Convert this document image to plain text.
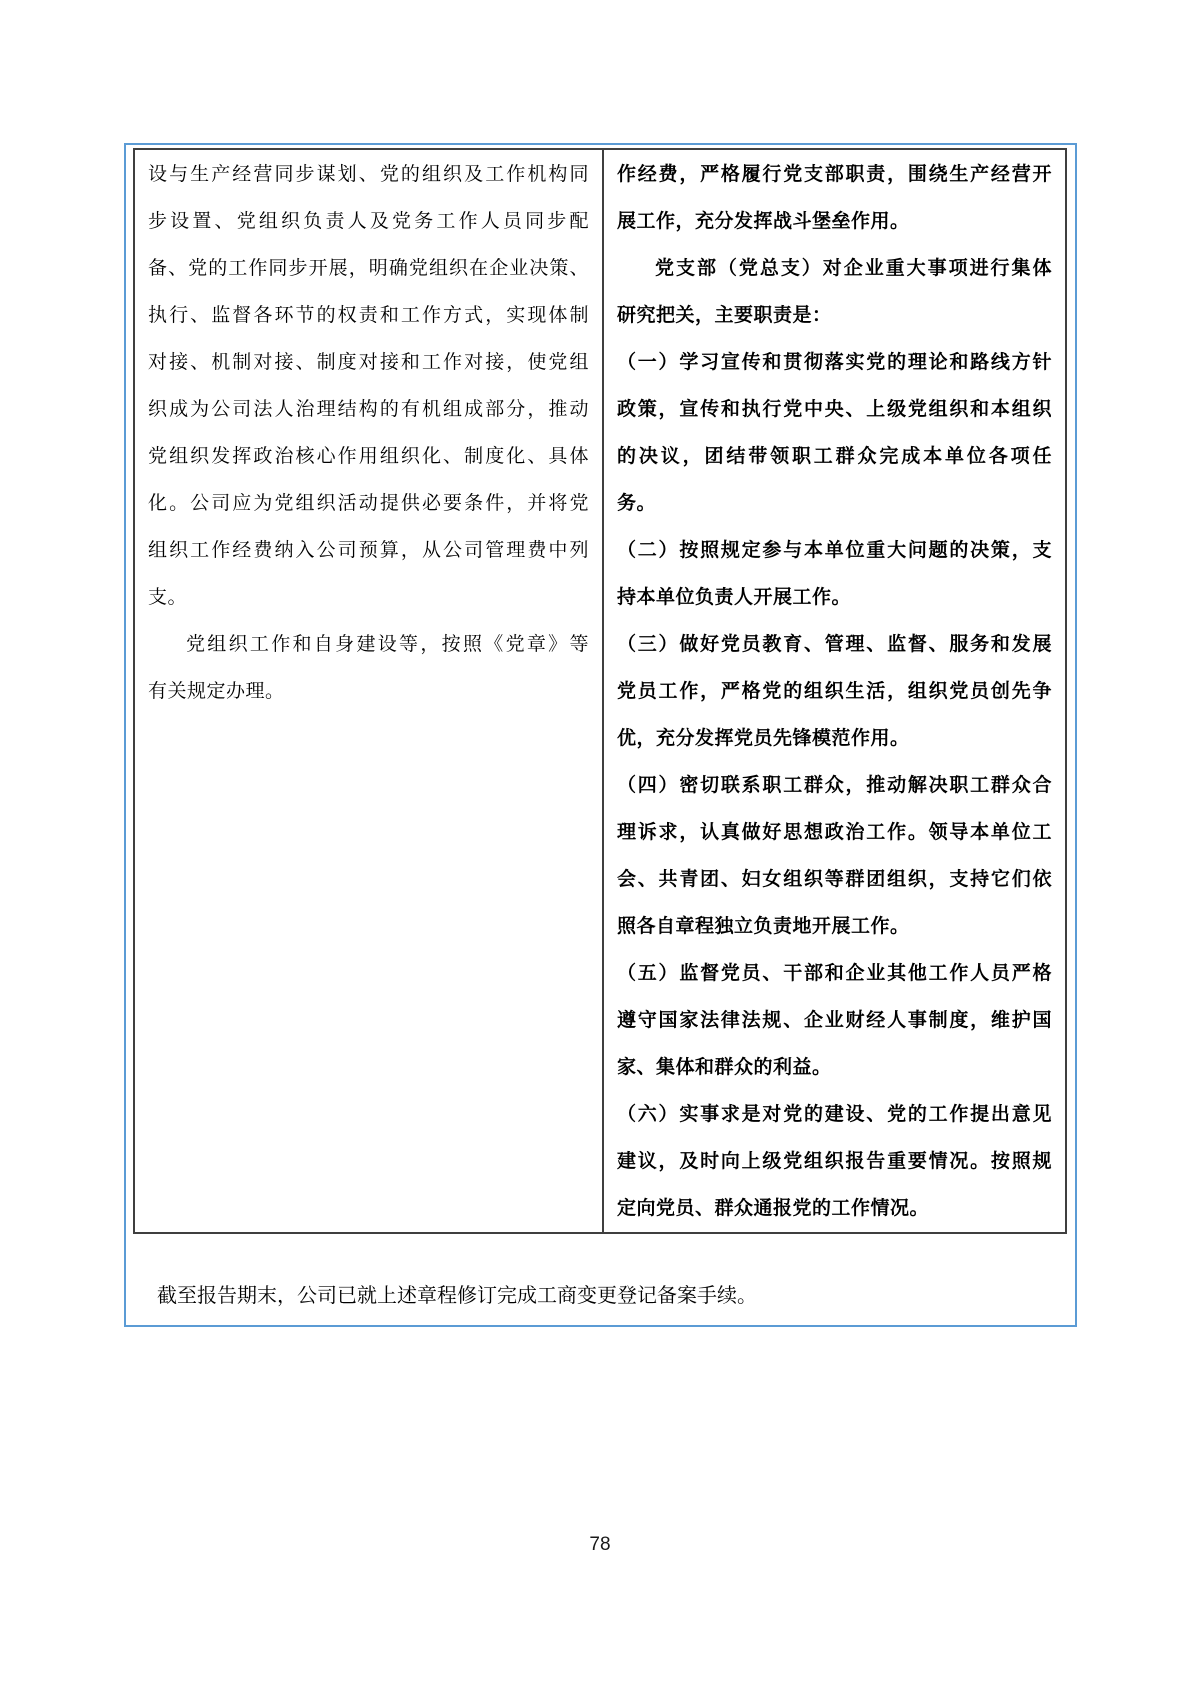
设与生产经营同步谋划、党的组织及工作机构同
步设置、党组织负责人及党务工作人员同步配
备、党的工作同步开展，明确党组织在企业决策、
执行、监督各环节的权责和工作方式，实现体制
对接、机制对接、制度对接和工作对接，使党组
织成为公司法人治理结构的有机组成部分，推动
党组织发挥政治核心作用组织化、制度化、具体
化。公司应为党组织活动提供必要条件，并将党
组织工作经费纳入公司预算，从公司管理费中列
支。
党组织工作和自身建设等，按照《党章》等
有关规定办理。
作经费，严格履行党支部职责，围绕生产经营开
展工作，充分发挥战斗堡垒作用。
党支部（党总支）对企业重大事项进行集体
研究把关，主要职责是：
（一）学习宣传和贯彻落实党的理论和路线方针
政策，宣传和执行党中央、上级党组织和本组织
的决议，团结带领职工群众完成本单位各项任
务。
（二）按照规定参与本单位重大问题的决策，支
持本单位负责人开展工作。
（三）做好党员教育、管理、监督、服务和发展
党员工作，严格党的组织生活，组织党员创先争
优，充分发挥党员先锋模范作用。
（四）密切联系职工群众，推动解决职工群众合
理诉求，认真做好思想政治工作。领导本单位工
会、共青团、妇女组织等群团组织，支持它们依
照各自章程独立负责地开展工作。
（五）监督党员、干部和企业其他工作人员严格
遵守国家法律法规、企业财经人事制度，维护国
家、集体和群众的利益。
（六）实事求是对党的建设、党的工作提出意见
建议，及时向上级党组织报告重要情况。按照规
定向党员、群众通报党的工作情况。

截至报告期末，公司已就上述章程修订完成工商变更登记备案手续。

78
